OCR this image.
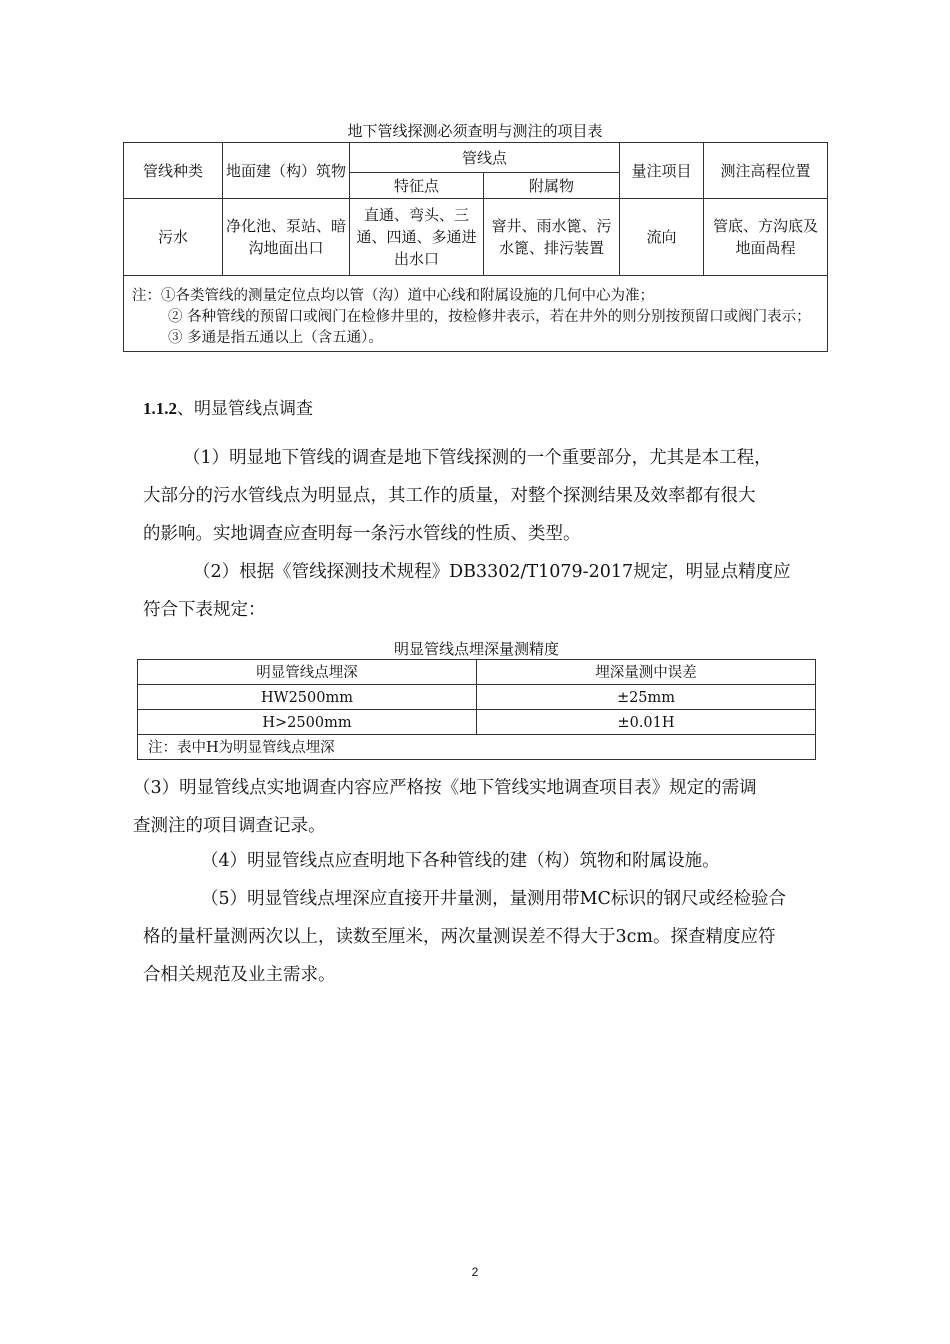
地下管线探测必须查明与测注的项目表
管线种类	地面建（构）筑物	管线点		量注项目	测注高程位置
		特征点	附属物		
污水	净化池、泵站、暗沟地面出口	直通、弯头、三通、四通、多通进出水口	窨井、雨水篦、污水篦、排污装置	流向	管底、方沟底及地面咼程

注：①各类管线的测量定位点均以管（沟）道中心线和附属设施的几何中心为准；
② 各种管线的预留口或阀门在检修井里的，按检修井表示，若在井外的则分别按预留口或阀门表示；
③ 多通是指五通以上（含五通）。					
1.1.2、明显管线点调查
（1）明显地下管线的调查是地下管线探测的一个重要部分，尤其是本工程，
大部分的污水管线点为明显点，其工作的质量，对整个探测结果及效率都有很大
的影响。实地调查应查明每一条污水管线的性质、类型。
（2）根据《管线探测技术规程》DB3302/T1079-2017规定，明显点精度应
符合下表规定：
明显管线点埋深量测精度
明显管线点埋深	埋深量测中误差
HW2500mm	±25mm
H>2500mm	±0.01H
注：表中H为明显管线点埋深	
（3）明显管线点实地调查内容应严格按《地下管线实地调查项目表》规定的需调
查测注的项目调查记录。
（4）明显管线点应查明地下各种管线的建（构）筑物和附属设施。
（5）明显管线点埋深应直接开井量测，量测用带MC标识的钢尺或经检验合
格的量杆量测两次以上，读数至厘米，两次量测误差不得大于3cm。探查精度应符
合相关规范及业主需求。
2
